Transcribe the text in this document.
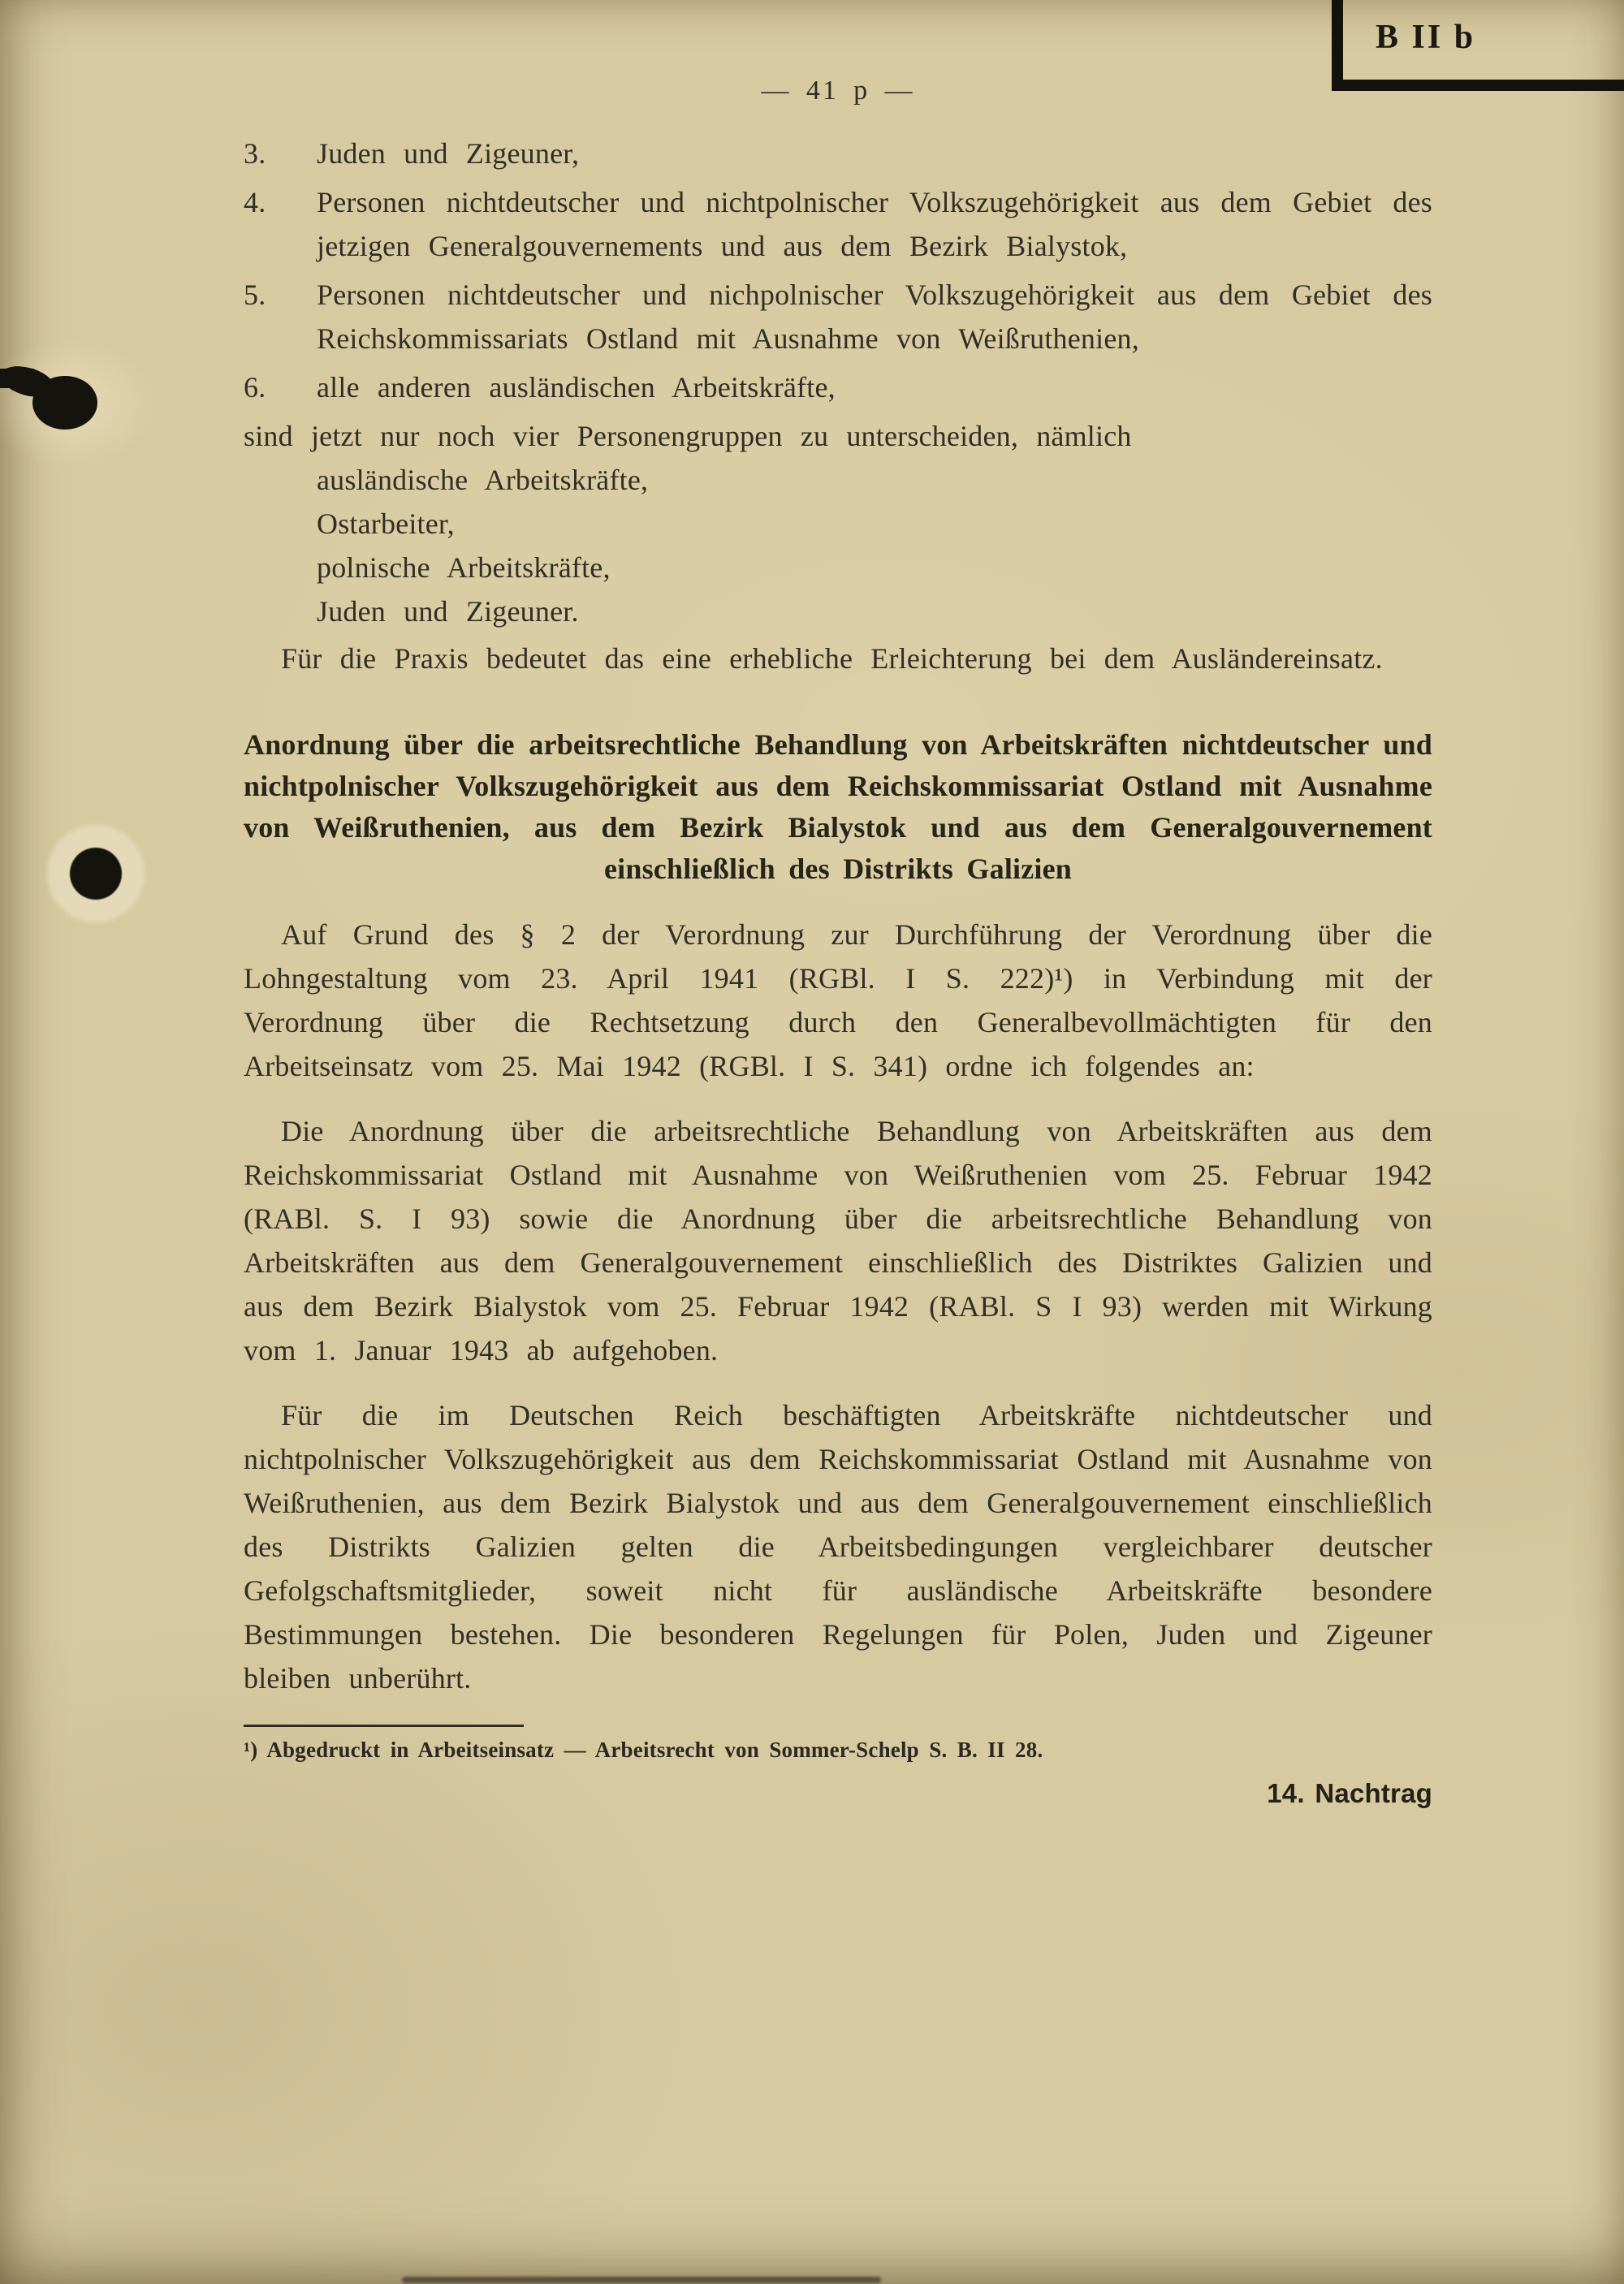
B II b
— 41 p —
3.	Juden und Zigeuner,
4.	Personen nichtdeutscher und nichtpolnischer Volkszugehörigkeit aus dem Gebiet des jetzigen Generalgouvernements und aus dem Bezirk Bialystok,
5.	Personen nichtdeutscher und nichpolnischer Volkszugehörigkeit aus dem Gebiet des Reichskommissariats Ostland mit Ausnahme von Weißruthenien,
6.	alle anderen ausländischen Arbeitskräfte,
sind jetzt nur noch vier Personengruppen zu unterscheiden, nämlich
ausländische Arbeitskräfte,
Ostarbeiter,
polnische Arbeitskräfte,
Juden und Zigeuner.

Für die Praxis bedeutet das eine erhebliche Erleichterung bei dem Ausländereinsatz.

Anordnung über die arbeitsrechtliche Behandlung von Arbeitskräften nichtdeutscher und nichtpolnischer Volkszugehörigkeit aus dem Reichskommissariat Ostland mit Ausnahme von Weißruthenien, aus dem Bezirk Bialystok und aus dem Generalgouvernement einschließlich des Distrikts Galizien

Auf Grund des § 2 der Verordnung zur Durchführung der Verordnung über die Lohngestaltung vom 23. April 1941 (RGBl. I S. 222)¹) in Verbindung mit der Verordnung über die Rechtsetzung durch den Generalbevollmächtigten für den Arbeitseinsatz vom 25. Mai 1942 (RGBl. I S. 341) ordne ich folgendes an:

Die Anordnung über die arbeitsrechtliche Behandlung von Arbeitskräften aus dem Reichskommissariat Ostland mit Ausnahme von Weißruthenien vom 25. Februar 1942 (RABl. S. I 93) sowie die Anordnung über die arbeitsrechtliche Behandlung von Arbeitskräften aus dem Generalgouvernement einschließlich des Distriktes Galizien und aus dem Bezirk Bialystok vom 25. Februar 1942 (RABl. S I 93) werden mit Wirkung vom 1. Januar 1943 ab aufgehoben.

Für die im Deutschen Reich beschäftigten Arbeitskräfte nichtdeutscher und nichtpolnischer Volkszugehörigkeit aus dem Reichskommissariat Ostland mit Ausnahme von Weißruthenien, aus dem Bezirk Bialystok und aus dem Generalgouvernement einschließlich des Distrikts Galizien gelten die Arbeitsbedingungen vergleichbarer deutscher Gefolgschaftsmitglieder, soweit nicht für ausländische Arbeitskräfte besondere Bestimmungen bestehen. Die besonderen Regelungen für Polen, Juden und Zigeuner bleiben unberührt.

¹) Abgedruckt in Arbeitseinsatz — Arbeitsrecht von Sommer-Schelp S. B. II 28.
14. Nachtrag
